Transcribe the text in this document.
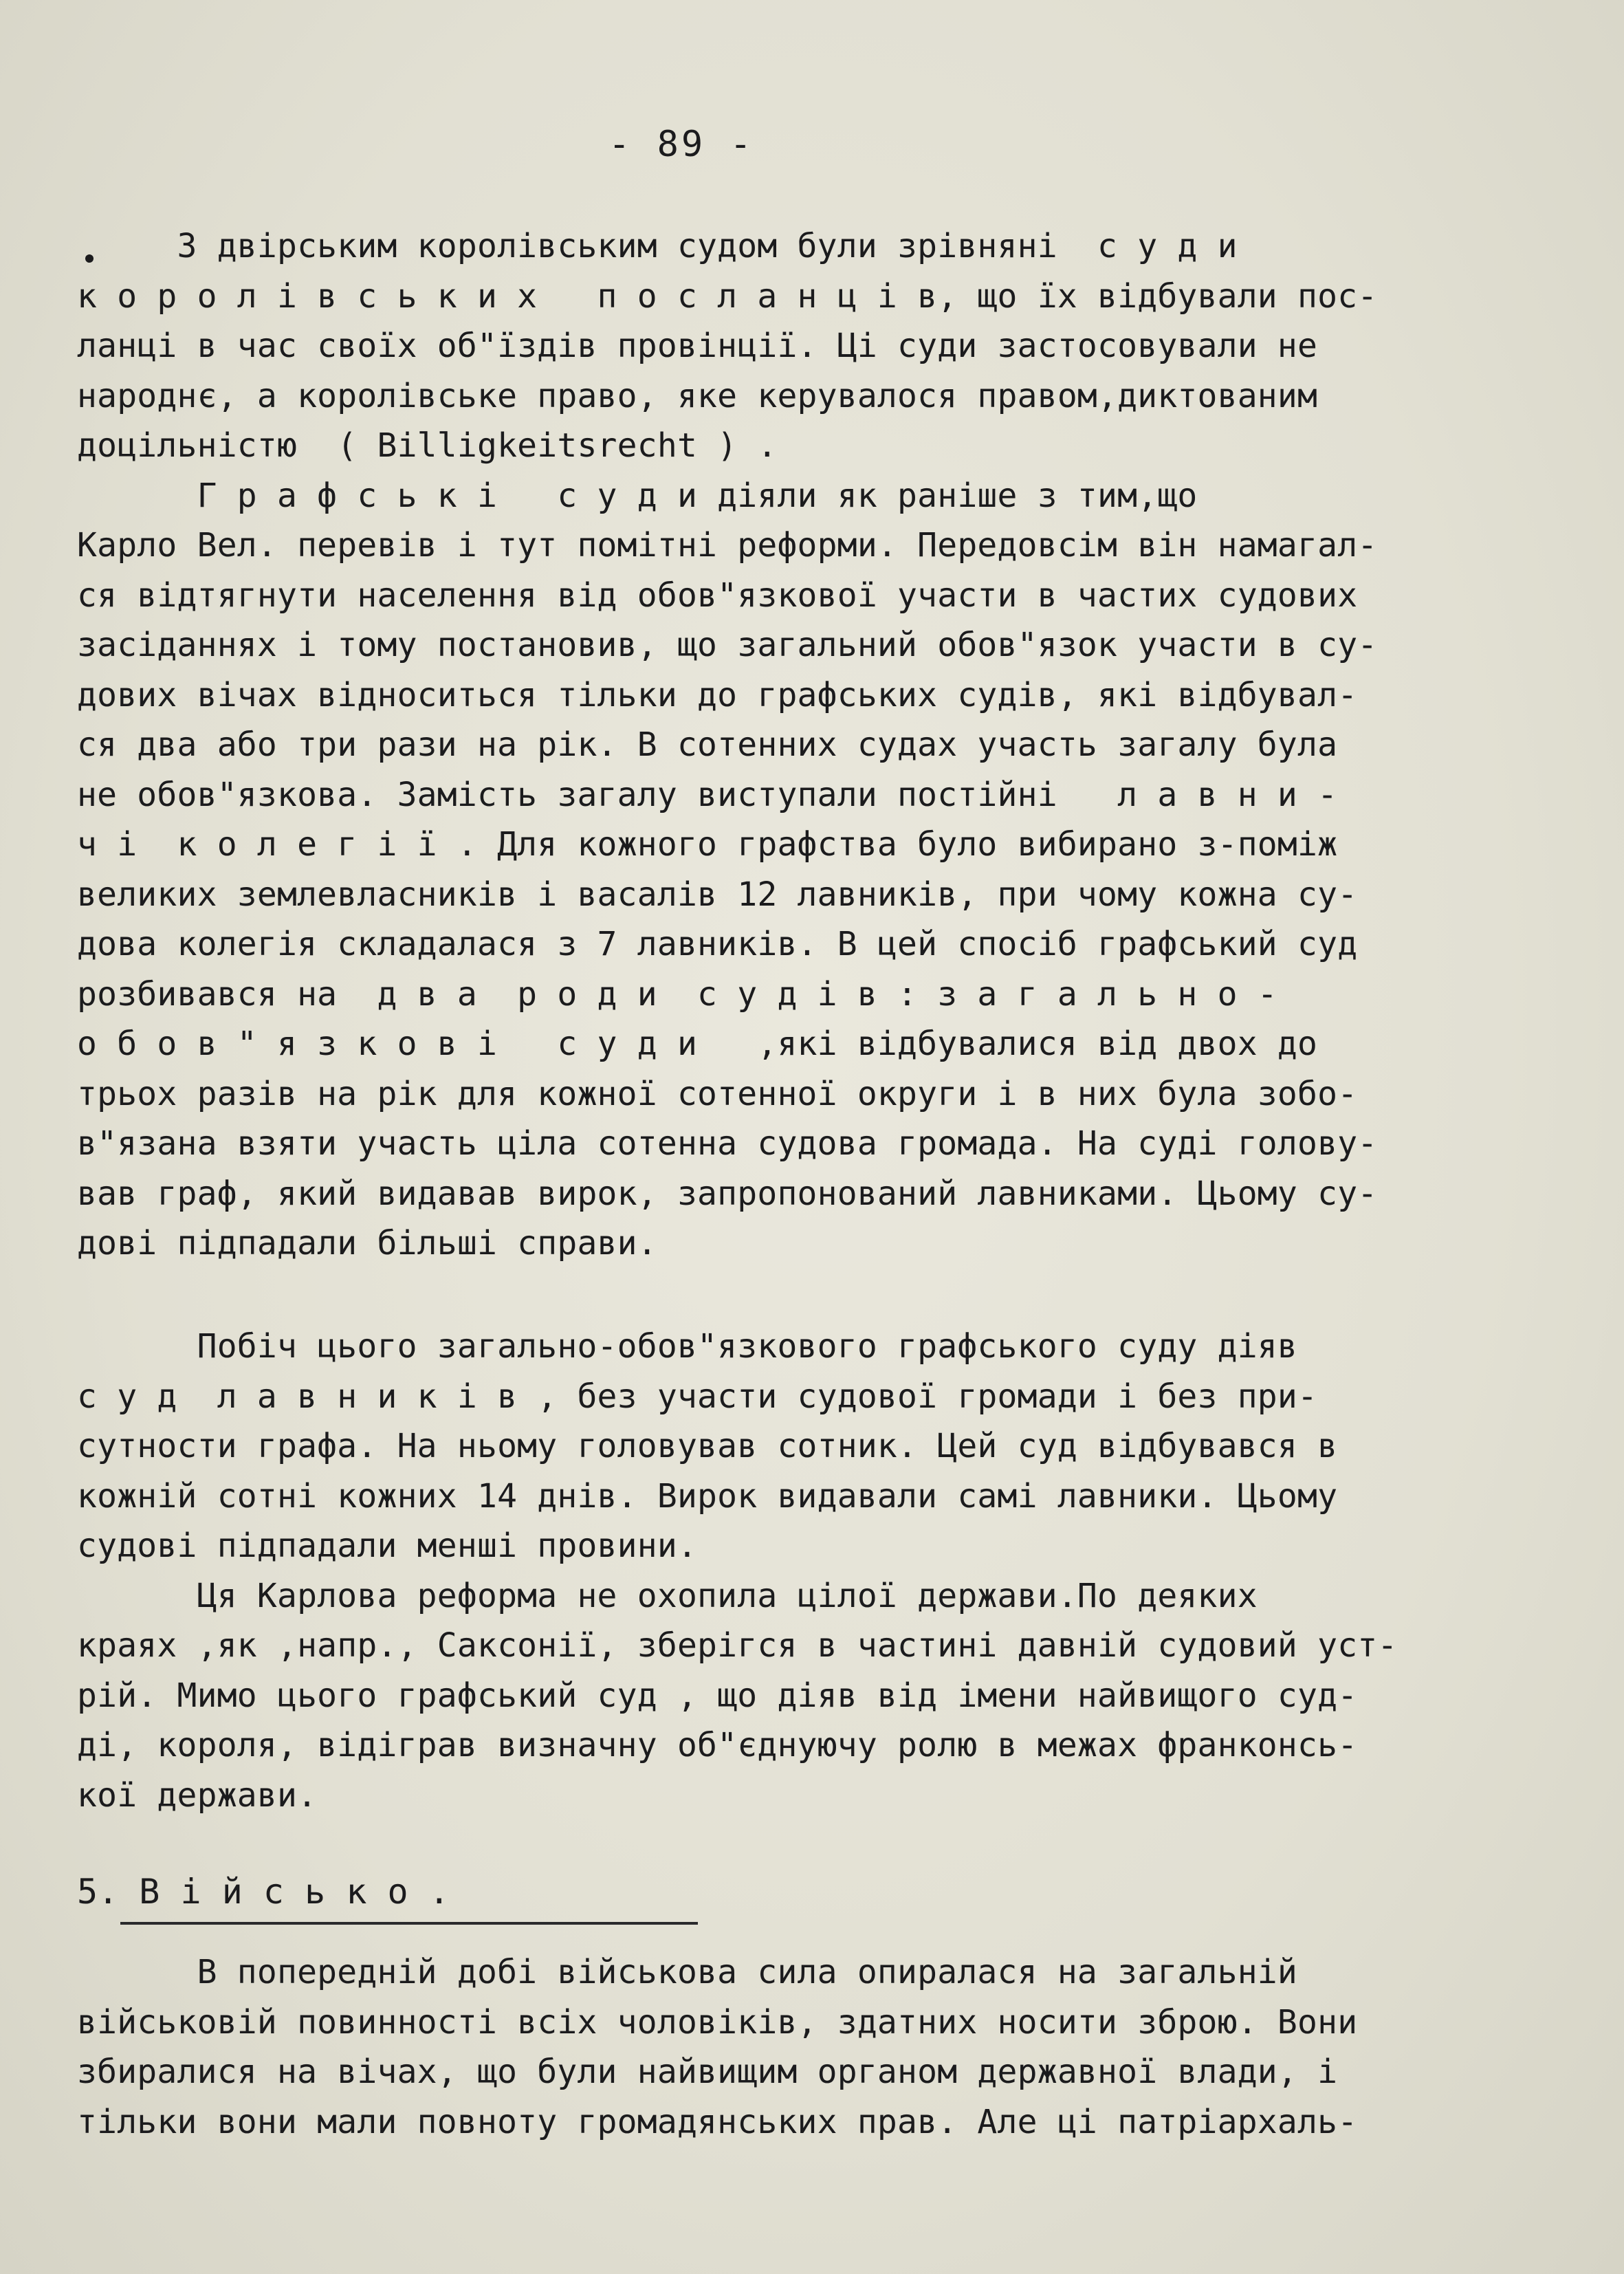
- 89 -
З двірським королівським судом були зрівняні  с у д и
к о р о л і в с ь к и х   п о с л а н ц і в, що їх відбували пос-
ланці в час своїх об"їздів провінції. Ці суди застосовували не
народнє, а королівське право, яке керувалося правом,диктованим
доцільністю  ( Billigkeitsrecht ) .
Г р а ф с ь к і   с у д и діяли як раніше з тим,що
Карло Вел. перевів і тут помітні реформи. Передовсім він намагал-
ся відтягнути населення від обов"язкової участи в частих судових
засіданнях і тому постановив, що загальний обов"язок участи в су-
дових вічах відноситься тільки до графських судів, які відбувал-
ся два або три рази на рік. В сотенних судах участь загалу була
не обов"язкова. Замість загалу виступали постійні   л а в н и -
ч і  к о л е г і ї . Для кожного графства було вибирано з-поміж
великих землевласників і васалів 12 лавників, при чому кожна су-
дова колегія складалася з 7 лавників. В цей спосіб графський суд
розбивався на  д в а  р о д и  с у д і в : з а г а л ь н о -
о б о в " я з к о в і   с у д и   ,які відбувалися від двох до
трьох разів на рік для кожної сотенної округи і в них була зобо-
в"язана взяти участь ціла сотенна судова громада. На суді голову-
вав граф, який видавав вирок, запропонований лавниками. Цьому су-
дові підпадали більші справи.
Побіч цього загально-обов"язкового графського суду діяв
с у д  л а в н и к і в , без участи судової громади і без при-
сутности графа. На ньому головував сотник. Цей суд відбувався в
кожній сотні кожних 14 днів. Вирок видавали самі лавники. Цьому
судові підпадали менші провини.
Ця Карлова реформа не охопила цілої держави.По деяких
краях ,як ,напр., Саксонії, зберігся в частині давній судовий уст-
рій. Мимо цього графський суд , що діяв від імени найвищого суд-
ді, короля, відіграв визначну об"єднуючу ролю в межах франконсь-
кої держави.
5. В і й с ь к о .
В попередній добі військова сила опиралася на загальній
військовій повинності всіх чоловіків, здатних носити зброю. Вони
збиралися на вічах, що були найвищим органом державної влади, і
тільки вони мали повноту громадянських прав. Але ці патріархаль-
